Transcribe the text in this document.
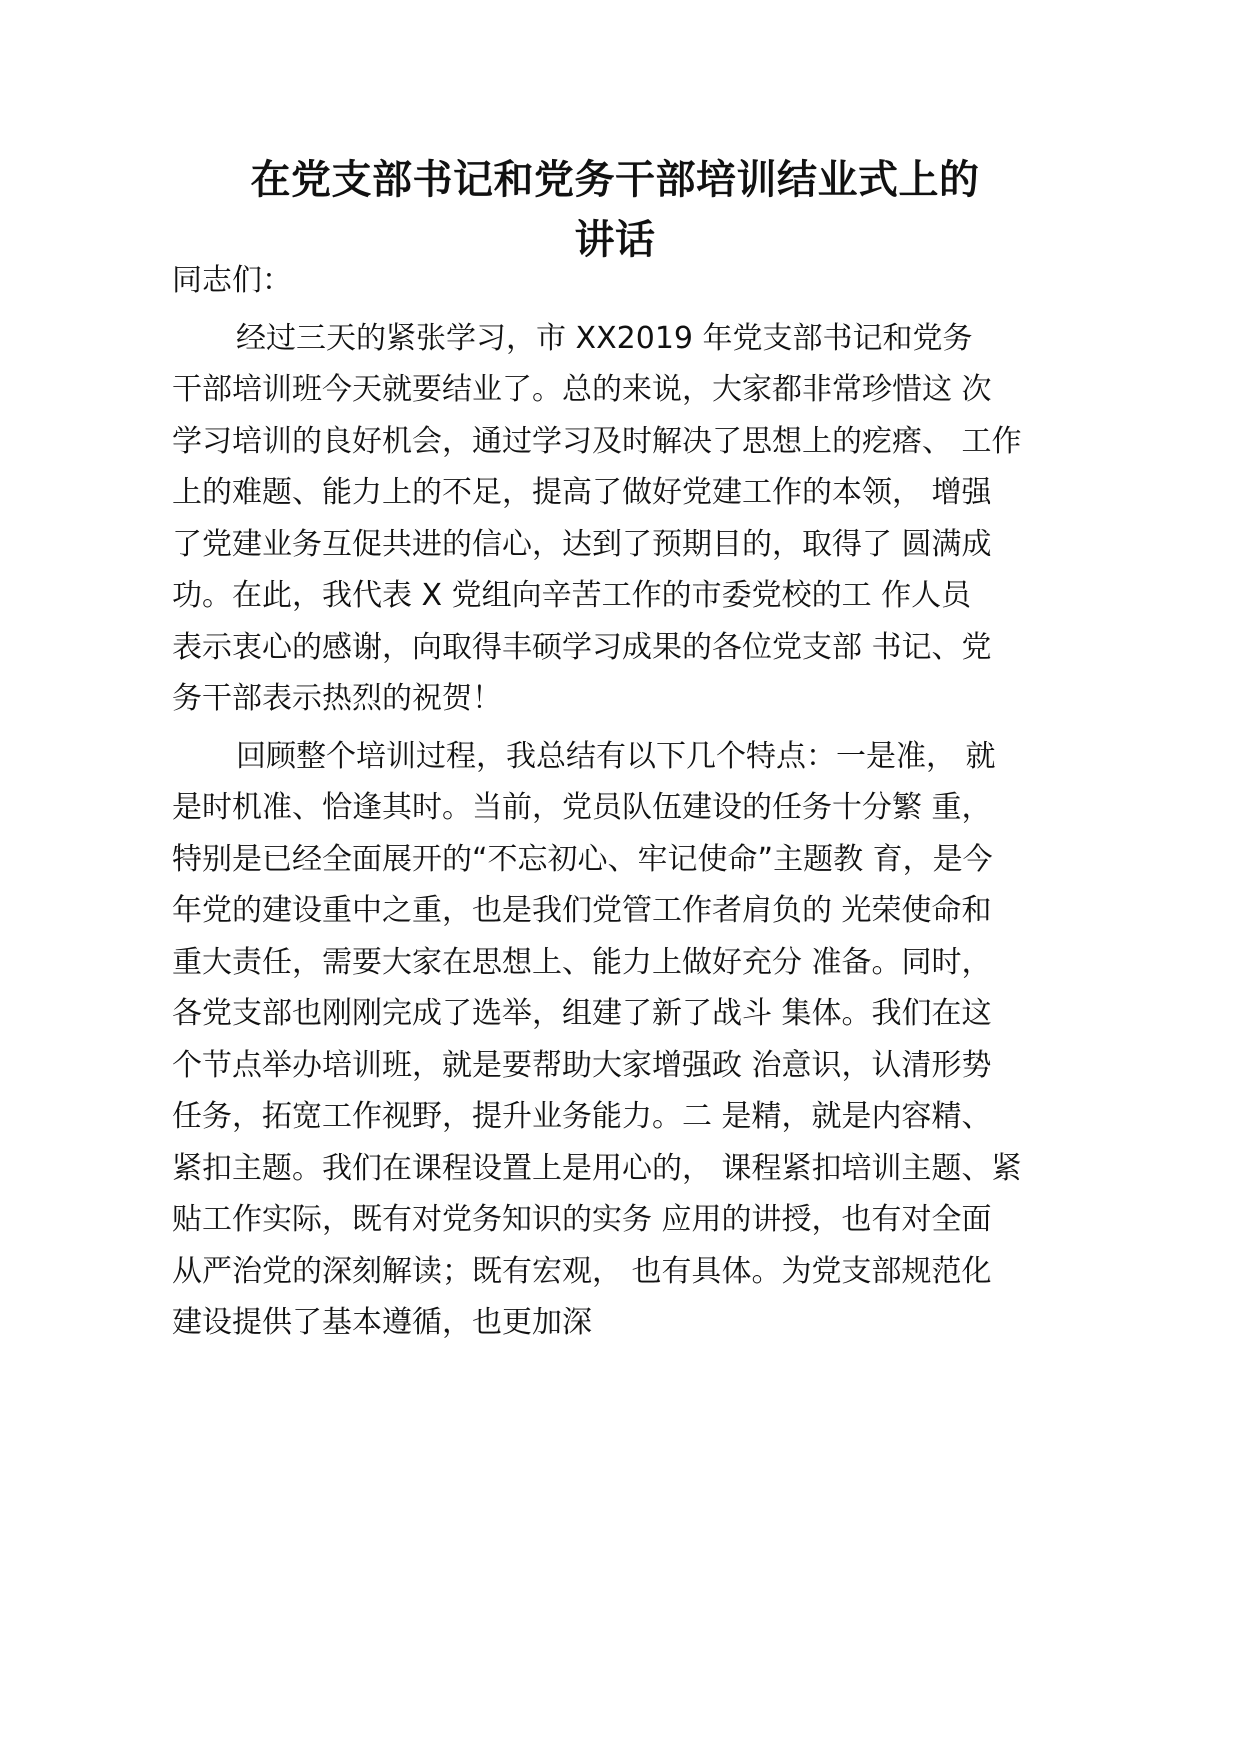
在党支部书记和党务干部培训结业式上的
讲话

同志们：

经过三天的紧张学习，市 XX2019 年党支部书记和党务
干部培训班今天就要结业了。总的来说，大家都非常珍惜这 次
学习培训的良好机会，通过学习及时解决了思想上的疙瘩、 工作
上的难题、能力上的不足，提高了做好党建工作的本领， 增强
了党建业务互促共进的信心，达到了预期目的，取得了 圆满成
功。在此，我代表 X 党组向辛苦工作的市委党校的工 作人员
表示衷心的感谢，向取得丰硕学习成果的各位党支部 书记、党
务干部表示热烈的祝贺！

回顾整个培训过程，我总结有以下几个特点：一是准， 就
是时机准、恰逢其时。当前，党员队伍建设的任务十分繁 重，
特别是已经全面展开的“不忘初心、牢记使命”主题教 育，是今
年党的建设重中之重，也是我们党管工作者肩负的 光荣使命和
重大责任，需要大家在思想上、能力上做好充分 准备。同时，
各党支部也刚刚完成了选举，组建了新了战斗 集体。我们在这
个节点举办培训班，就是要帮助大家增强政 治意识，认清形势
任务，拓宽工作视野，提升业务能力。二 是精，就是内容精、
紧扣主题。我们在课程设置上是用心的， 课程紧扣培训主题、紧
贴工作实际，既有对党务知识的实务 应用的讲授，也有对全面
从严治党的深刻解读；既有宏观， 也有具体。为党支部规范化
建设提供了基本遵循，也更加深
